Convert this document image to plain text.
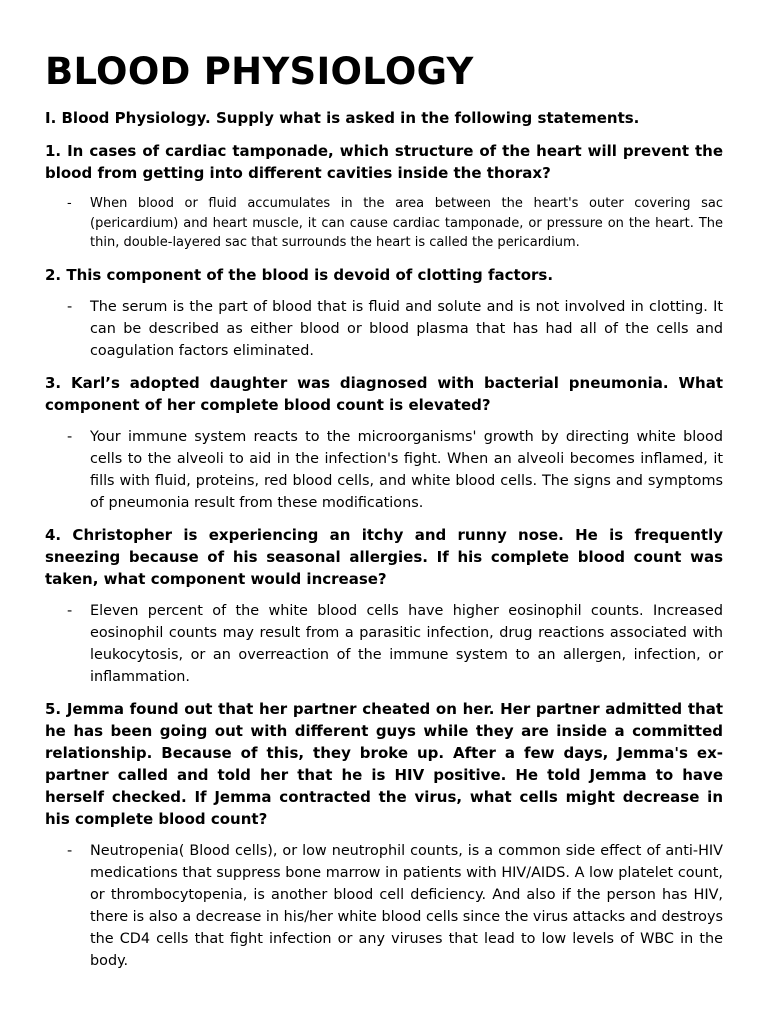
BLOOD PHYSIOLOGY

I. Blood Physiology. Supply what is asked in the following statements.

1. In cases of cardiac tamponade, which structure of the heart will prevent the blood from getting into different cavities inside the thorax?

- When blood or fluid accumulates in the area between the heart's outer covering sac (pericardium) and heart muscle, it can cause cardiac tamponade, or pressure on the heart. The thin, double-layered sac that surrounds the heart is called the pericardium.

2. This component of the blood is devoid of clotting factors.

- The serum is the part of blood that is fluid and solute and is not involved in clotting. It can be described as either blood or blood plasma that has had all of the cells and coagulation factors eliminated.

3. Karl’s adopted daughter was diagnosed with bacterial pneumonia. What component of her complete blood count is elevated?

- Your immune system reacts to the microorganisms' growth by directing white blood cells to the alveoli to aid in the infection's fight. When an alveoli becomes inflamed, it fills with fluid, proteins, red blood cells, and white blood cells. The signs and symptoms of pneumonia result from these modifications.

4. Christopher is experiencing an itchy and runny nose. He is frequently sneezing because of his seasonal allergies. If his complete blood count was taken, what component would increase?

- Eleven percent of the white blood cells have higher eosinophil counts. Increased eosinophil counts may result from a parasitic infection, drug reactions associated with leukocytosis, or an overreaction of the immune system to an allergen, infection, or inflammation.

5. Jemma found out that her partner cheated on her. Her partner admitted that he has been going out with different guys while they are inside a committed relationship. Because of this, they broke up. After a few days, Jemma's ex-partner called and told her that he is HIV positive. He told Jemma to have herself checked. If Jemma contracted the virus, what cells might decrease in his complete blood count?

- Neutropenia( Blood cells), or low neutrophil counts, is a common side effect of anti-HIV medications that suppress bone marrow in patients with HIV/AIDS. A low platelet count, or thrombocytopenia, is another blood cell deficiency. And also if the person has HIV, there is also a decrease in his/her white blood cells since the virus attacks and destroys the CD4 cells that fight infection or any viruses that lead to low levels of WBC in the body.
